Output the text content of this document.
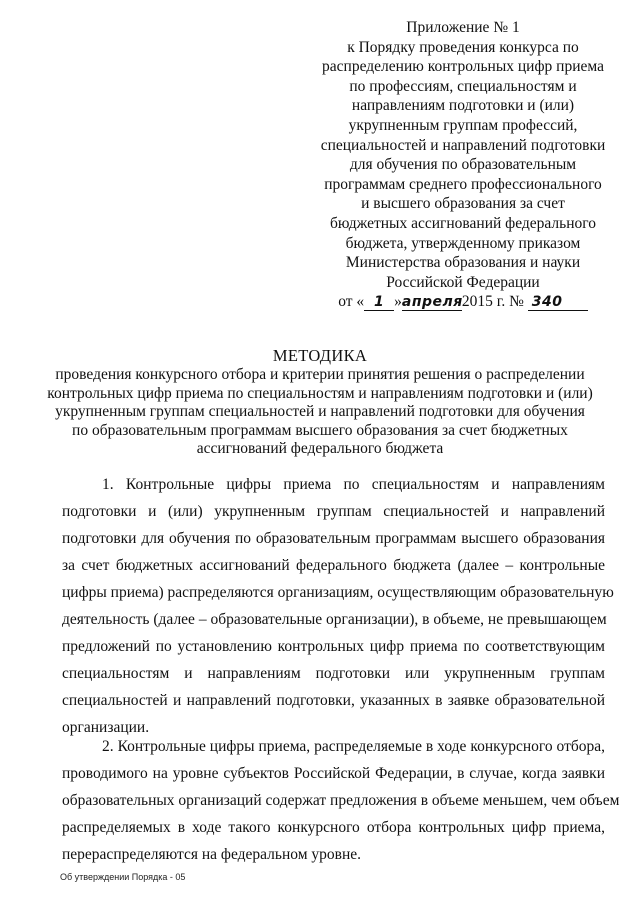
Приложение № 1
к Порядку проведения конкурса по
распределению контрольных цифр приема
по профессиям, специальностям и
направлениям подготовки и (или)
укрупненным группам профессий,
специальностей и направлений подготовки
для обучения по образовательным
программам среднего профессионального
и высшего образования за счет
бюджетных ассигнований федерального
бюджета, утвержденному приказом
Министерства образования и науки
Российской Федерации
от « 1 »апреля2015 г. № 340
МЕТОДИКА
проведения конкурсного отбора и критерии принятия решения о распределении
контрольных цифр приема по специальностям и направлениям подготовки и (или)
укрупненным группам специальностей и направлений подготовки для обучения
по образовательным программам высшего образования за счет бюджетных
ассигнований федерального бюджета
1. Контрольные цифры приема по специальностям и направлениям
подготовки и (или) укрупненным группам специальностей и направлений
подготовки для обучения по образовательным программам высшего образования
за счет бюджетных ассигнований федерального бюджета (далее – контрольные
цифры приема) распределяются организациям, осуществляющим образовательную
деятельность (далее – образовательные организации), в объеме, не превышающем
предложений по установлению контрольных цифр приема по соответствующим
специальностям и направлениям подготовки или укрупненным группам
специальностей и направлений подготовки, указанных в заявке образовательной
организации.
2. Контрольные цифры приема, распределяемые в ходе конкурсного отбора,
проводимого на уровне субъектов Российской Федерации, в случае, когда заявки
образовательных организаций содержат предложения в объеме меньшем, чем объем
распределяемых в ходе такого конкурсного отбора контрольных цифр приема,
перераспределяются на федеральном уровне.
Об утверждении Порядка - 05
